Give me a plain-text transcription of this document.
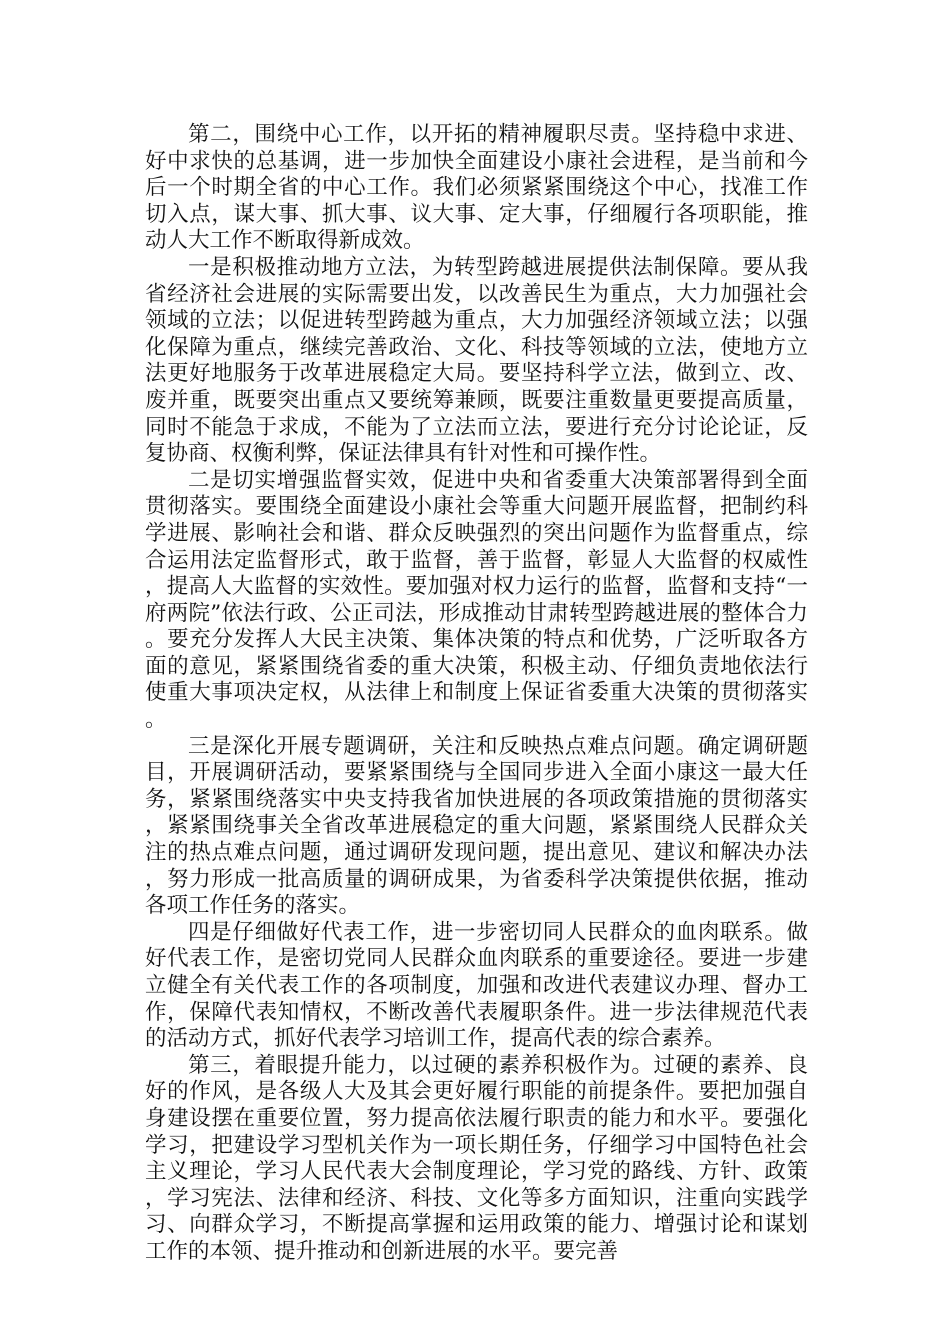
第二，围绕中心工作，以开拓的精神履职尽责。坚持稳中求进、好中求快的总基调，进一步加快全面建设小康社会进程，是当前和今后一个时期全省的中心工作。我们必须紧紧围绕这个中心，找准工作切入点，谋大事、抓大事、议大事、定大事，仔细履行各项职能，推动人大工作不断取得新成效。

一是积极推动地方立法，为转型跨越进展提供法制保障。要从我省经济社会进展的实际需要出发，以改善民生为重点，大力加强社会领域的立法；以促进转型跨越为重点，大力加强经济领域立法；以强化保障为重点，继续完善政治、文化、科技等领域的立法，使地方立法更好地服务于改革进展稳定大局。要坚持科学立法，做到立、改、废并重，既要突出重点又要统筹兼顾，既要注重数量更要提高质量，同时不能急于求成，不能为了立法而立法，要进行充分讨论论证，反复协商、权衡利弊，保证法律具有针对性和可操作性。

二是切实增强监督实效，促进中央和省委重大决策部署得到全面贯彻落实。要围绕全面建设小康社会等重大问题开展监督，把制约科学进展、影响社会和谐、群众反映强烈的突出问题作为监督重点，综合运用法定监督形式，敢于监督，善于监督，彰显人大监督的权威性，提高人大监督的实效性。要加强对权力运行的监督，监督和支持“一府两院”依法行政、公正司法，形成推动甘肃转型跨越进展的整体合力。要充分发挥人大民主决策、集体决策的特点和优势，广泛听取各方面的意见，紧紧围绕省委的重大决策，积极主动、仔细负责地依法行使重大事项决定权，从法律上和制度上保证省委重大决策的贯彻落实。

三是深化开展专题调研，关注和反映热点难点问题。确定调研题目，开展调研活动，要紧紧围绕与全国同步进入全面小康这一最大任务，紧紧围绕落实中央支持我省加快进展的各项政策措施的贯彻落实，紧紧围绕事关全省改革进展稳定的重大问题，紧紧围绕人民群众关注的热点难点问题，通过调研发现问题，提出意见、建议和解决办法，努力形成一批高质量的调研成果，为省委科学决策提供依据，推动各项工作任务的落实。

四是仔细做好代表工作，进一步密切同人民群众的血肉联系。做好代表工作，是密切党同人民群众血肉联系的重要途径。要进一步建立健全有关代表工作的各项制度，加强和改进代表建议办理、督办工作，保障代表知情权，不断改善代表履职条件。进一步法律规范代表的活动方式，抓好代表学习培训工作，提高代表的综合素养。

第三，着眼提升能力，以过硬的素养积极作为。过硬的素养、良好的作风，是各级人大及其会更好履行职能的前提条件。要把加强自身建设摆在重要位置，努力提高依法履行职责的能力和水平。要强化学习，把建设学习型机关作为一项长期任务，仔细学习中国特色社会主义理论，学习人民代表大会制度理论，学习党的路线、方针、政策，学习宪法、法律和经济、科技、文化等多方面知识，注重向实践学习、向群众学习，不断提高掌握和运用政策的能力、增强讨论和谋划工作的本领、提升推动和创新进展的水平。要完善
